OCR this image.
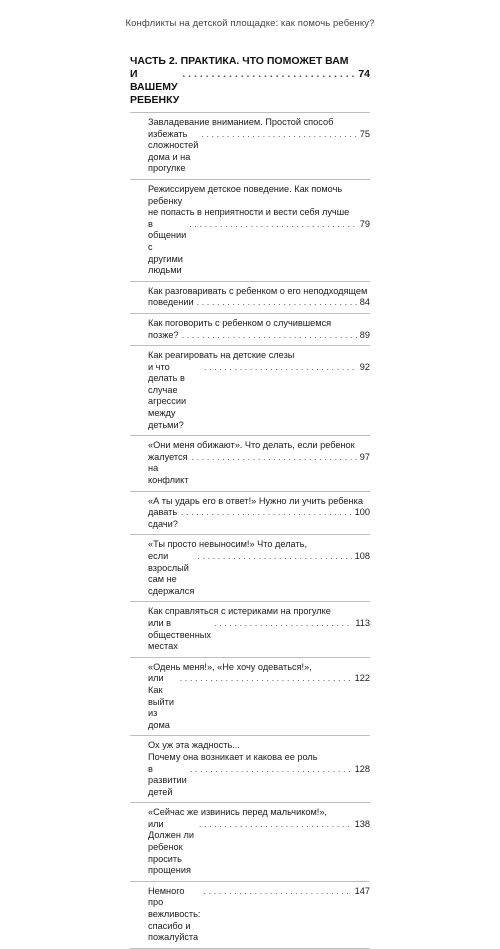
Конфликты на детской площадке: как помочь ребенку?
ЧАСТЬ 2. ПРАКТИКА. ЧТО ПОМОЖЕТ ВАМ
И ВАШЕМУ РЕБЕНКУ
. . .
74
Завладевание вниманием. Простой способ
избежать сложностей дома и на прогулке
. . .
75
Режиссируем детское поведение. Как помочь ребенку
не попасть в неприятности и вести себя лучше
в общении с другими людьми
. . .
79
Как разговаривать с ребенком о его неподходящем
поведении . . .	84
Как поговорить с ребенком о случившемся
позже? . . .	89
Как реагировать на детские слезы
и что делать в случае агрессии между детьми?
. . .
92
«Они меня обижают». Что делать, если ребенок
жалуется на конфликт
. . .
97
«А ты ударь его в ответ!» Нужно ли учить ребенка
давать сдачи?
. . .
100
«Ты просто невыносим!» Что делать,
если взрослый сам не сдержался
. . .
108
Как справляться с истериками на прогулке
или в общественных местах
. . .
113
«Одень меня!», «Не хочу одеваться!»,
или Как выйти из дома
. . .
122
Ох уж эта жадность...
Почему она возникает и какова ее роль
в развитии детей
. . .
128
«Сейчас же извинись перед мальчиком!»,
или Должен ли ребенок просить прощения
. . .
138
Немного про вежливость: спасибо и пожалуйста
. . .
147
